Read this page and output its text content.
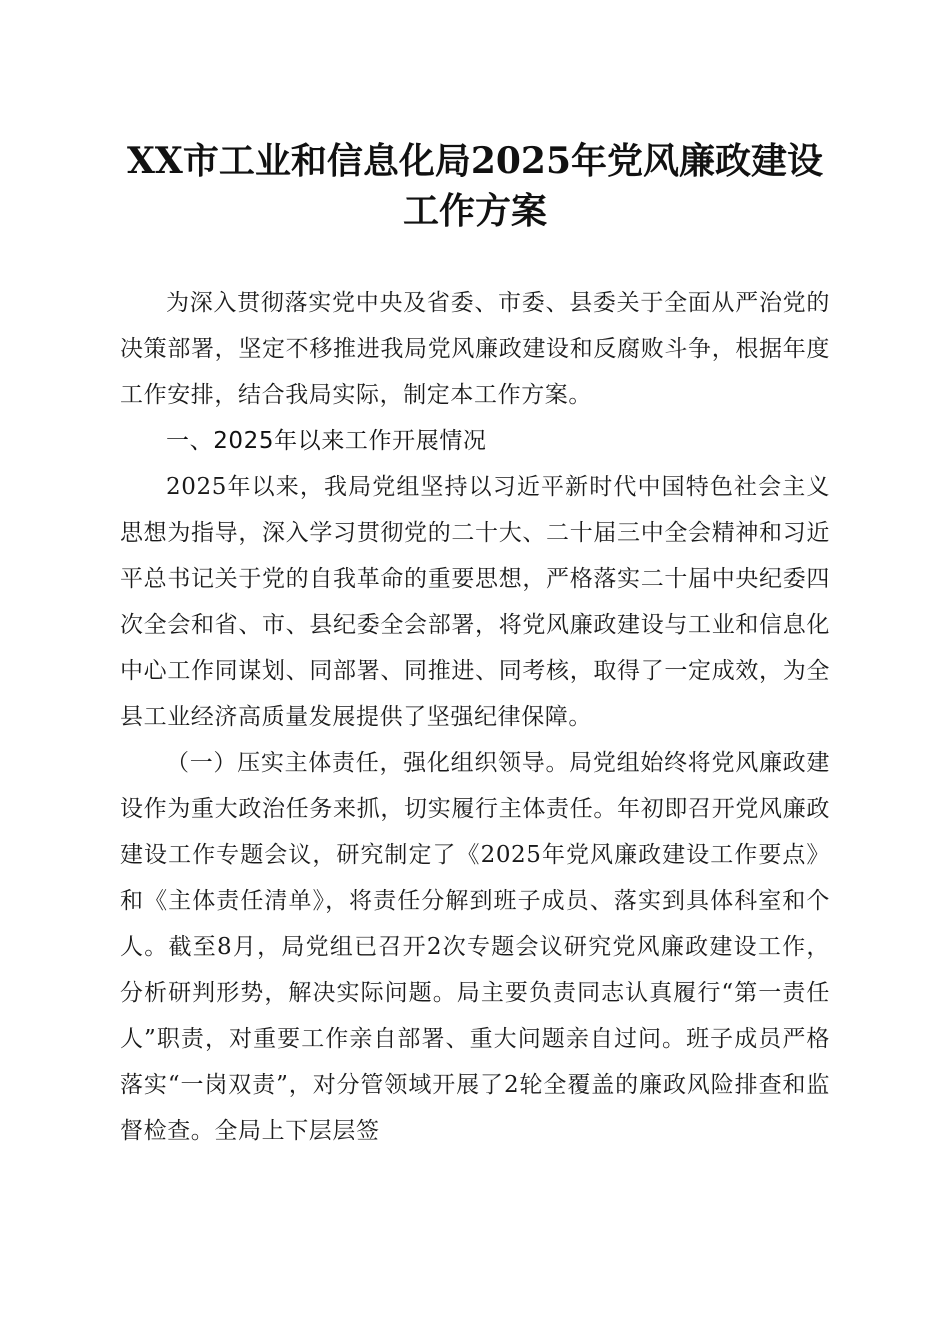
XX市工业和信息化局2025年党风廉政建设工作方案

为深入贯彻落实党中央及省委、市委、县委关于全面从严治党的决策部署，坚定不移推进我局党风廉政建设和反腐败斗争，根据年度工作安排，结合我局实际，制定本工作方案。

一、2025年以来工作开展情况

2025年以来，我局党组坚持以习近平新时代中国特色社会主义思想为指导，深入学习贯彻党的二十大、二十届三中全会精神和习近平总书记关于党的自我革命的重要思想，严格落实二十届中央纪委四次全会和省、市、县纪委全会部署，将党风廉政建设与工业和信息化中心工作同谋划、同部署、同推进、同考核，取得了一定成效，为全县工业经济高质量发展提供了坚强纪律保障。

（一）压实主体责任，强化组织领导。局党组始终将党风廉政建设作为重大政治任务来抓，切实履行主体责任。年初即召开党风廉政建设工作专题会议，研究制定了《2025年党风廉政建设工作要点》和《主体责任清单》，将责任分解到班子成员、落实到具体科室和个人。截至8月，局党组已召开2次专题会议研究党风廉政建设工作，分析研判形势，解决实际问题。局主要负责同志认真履行“第一责任人”职责，对重要工作亲自部署、重大问题亲自过问。班子成员严格落实“一岗双责”，对分管领域开展了2轮全覆盖的廉政风险排查和监督检查。全局上下层层签
